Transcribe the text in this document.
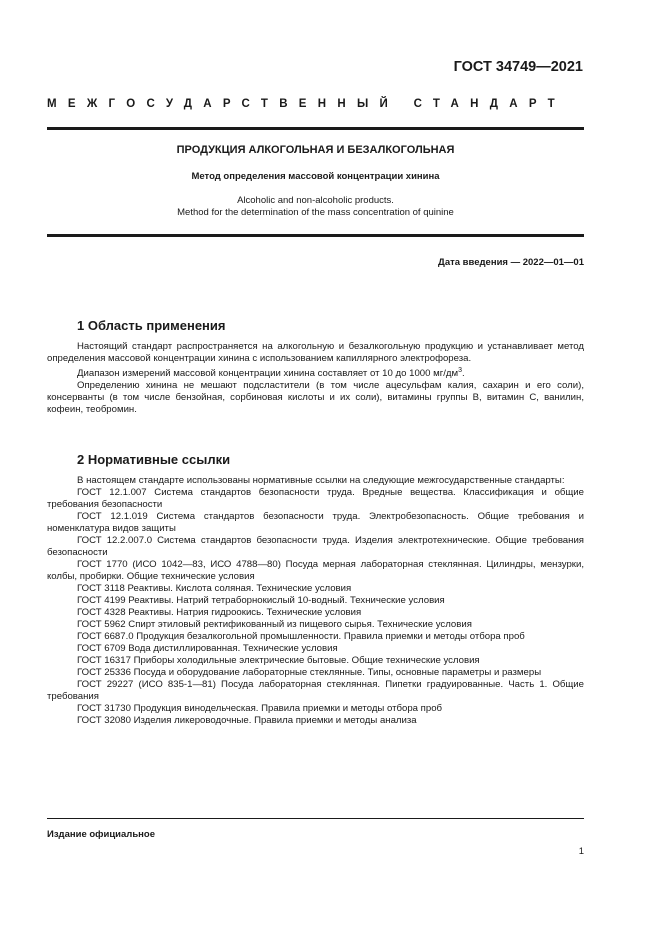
ГОСТ 34749—2021
МЕЖГОСУДАРСТВЕННЫЙ СТАНДАРТ
ПРОДУКЦИЯ АЛКОГОЛЬНАЯ И БЕЗАЛКОГОЛЬНАЯ
Метод определения массовой концентрации хинина
Alcoholic and non-alcoholic products.
Method for the determination of the mass concentration of quinine
Дата введения — 2022—01—01
1 Область применения

Настоящий стандарт распространяется на алкогольную и безалкогольную продукцию и устанавливает метод определения массовой концентрации хинина с использованием капиллярного электрофореза.

Диапазон измерений массовой концентрации хинина составляет от 10 до 1000 $мг/дм^3$.

Определению хинина не мешают подсластители (в том числе ацесульфам калия, сахарин и его соли), консерванты (в том числе бензойная, сорбиновая кислоты и их соли), витамины группы В, витамин С, ванилин, кофеин, теобромин.

2 Нормативные ссылки

В настоящем стандарте использованы нормативные ссылки на следующие межгосударственные стандарты:

ГОСТ 12.1.007 Система стандартов безопасности труда. Вредные вещества. Классификация и общие требования безопасности

ГОСТ 12.1.019 Система стандартов безопасности труда. Электробезопасность. Общие требования и номенклатура видов защиты

ГОСТ 12.2.007.0 Система стандартов безопасности труда. Изделия электротехнические. Общие требования безопасности

ГОСТ 1770 (ИСО 1042—83, ИСО 4788—80) Посуда мерная лабораторная стеклянная. Цилиндры, мензурки, колбы, пробирки. Общие технические условия

ГОСТ 3118 Реактивы. Кислота соляная. Технические условия

ГОСТ 4199 Реактивы. Натрий тетраборнокислый 10-водный. Технические условия

ГОСТ 4328 Реактивы. Натрия гидроокись. Технические условия

ГОСТ 5962 Спирт этиловый ректификованный из пищевого сырья. Технические условия

ГОСТ 6687.0 Продукция безалкогольной промышленности. Правила приемки и методы отбора проб

ГОСТ 6709 Вода дистиллированная. Технические условия

ГОСТ 16317 Приборы холодильные электрические бытовые. Общие технические условия

ГОСТ 25336 Посуда и оборудование лабораторные стеклянные. Типы, основные параметры и размеры

ГОСТ 29227 (ИСО 835-1—81) Посуда лабораторная стеклянная. Пипетки градуированные. Часть 1. Общие требования

ГОСТ 31730 Продукция винодельческая. Правила приемки и методы отбора проб

ГОСТ 32080 Изделия ликероводочные. Правила приемки и методы анализа

Издание официальное
1
